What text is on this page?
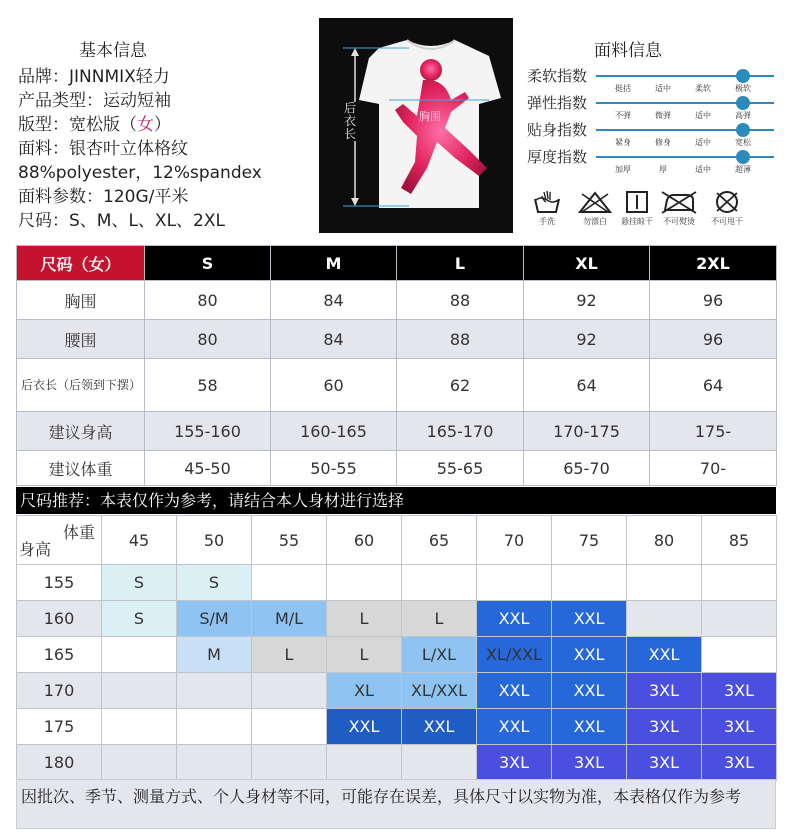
基本信息
品牌：JINNMIX轻力
产品类型：运动短袖
版型：宽松版（女）
面料：银杏叶立体格纹
88%polyester，12%spandex
面料参数：120G/平米
尺码：S、M、L、XL、2XL
后衣长
胸围
面料信息
柔软指数
挺括	适中	柔软	极软
弹性指数
不弹	微弹	适中	高弹
贴身指数
紧身	修身	适中	宽松
厚度指数
加厚	厚	适中	超薄
手洗	勿漂白	悬挂晾干	不可熨烫	不可甩干
尺码（女）	S	M	L	XL	2XL
胸围	80	84	88	92	96
腰围	80	84	88	92	96
后衣长（后领到下摆）	58	60	62	64	64
建议身高	155-160	160-165	165-170	170-175	175-
建议体重	45-50	50-55	55-65	65-70	70-
尺码推荐：本表仅作为参考，请结合本人身材进行选择
体重
身高	45	50	55	60	65	70	75	80	85
155	S	S							
160	S	S/M	M/L	L	L	XXL	XXL		
165		M	L	L	L/XL	XL/XXL	XXL	XXL	
170				XL	XL/XXL	XXL	XXL	3XL	3XL
175				XXL	XXL	XXL	XXL	3XL	3XL
180						3XL	3XL	3XL	3XL
因批次、季节、测量方式、个人身材等不同，可能存在误差，具体尺寸以实物为准，本表格仅作为参考
